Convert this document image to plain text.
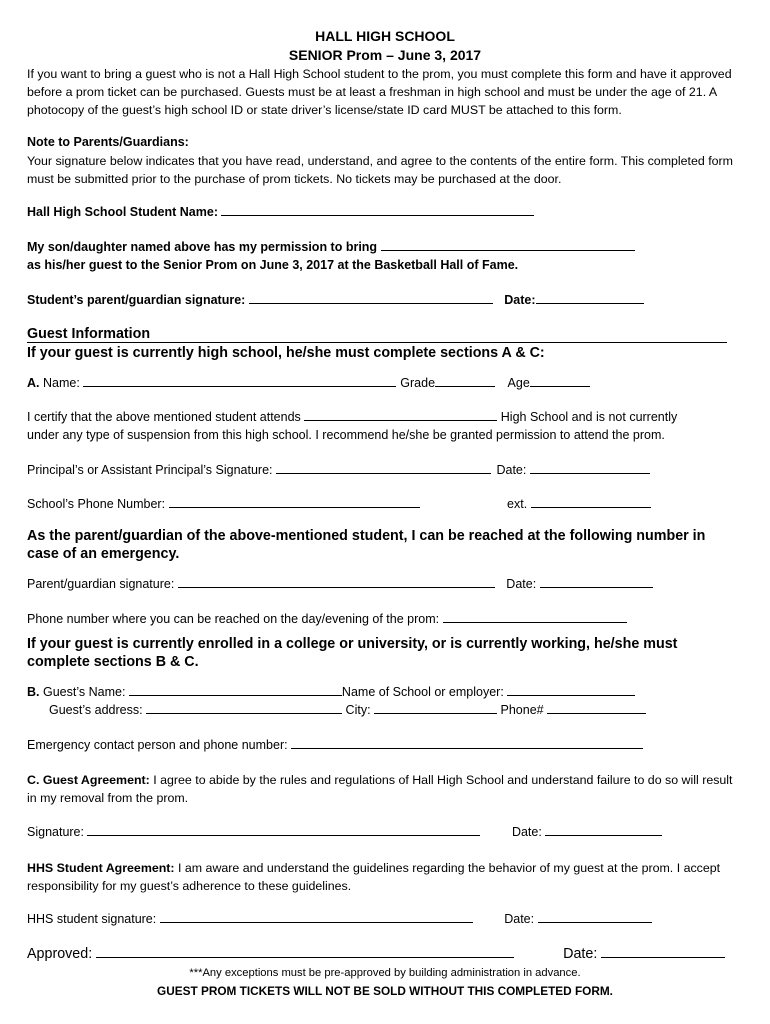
HALL HIGH SCHOOL
SENIOR Prom – June 3, 2017
If you want to bring a guest who is not a Hall High School student to the prom, you must complete this form and have it approved before a prom ticket can be purchased. Guests must be at least a freshman in high school and must be under the age of 21. A photocopy of the guest’s high school ID or state driver’s license/state ID card MUST be attached to this form.
Note to Parents/Guardians:
Your signature below indicates that you have read, understand, and agree to the contents of the entire form. This completed form must be submitted prior to the purchase of prom tickets. No tickets may be purchased at the door.
Hall High School Student Name:
My son/daughter named above has my permission to bring
as his/her guest to the Senior Prom on June 3, 2017 at the Basketball Hall of Fame.
Student’s parent/guardian signature:	Date:
Guest Information
If your guest is currently high school, he/she must complete sections A & C:
A. Name:	Grade	Age
I certify that the above mentioned student attends	High School and is not currently
under any type of suspension from this high school. I recommend he/she be granted permission to attend the prom.
Principal’s or Assistant Principal’s Signature:	Date:
School’s Phone Number:	ext.
As the parent/guardian of the above-mentioned student, I can be reached at the following number in case of an emergency.
Parent/guardian signature:	Date:
Phone number where you can be reached on the day/evening of the prom:
If your guest is currently enrolled in a college or university, or is currently working, he/she must complete sections B & C.
B. Guest’s Name:	Name of School or employer:
Guest’s address:	City:	Phone#
Emergency contact person and phone number:
C. Guest Agreement: I agree to abide by the rules and regulations of Hall High School and understand failure to do so will result in my removal from the prom.
Signature:	Date:
HHS Student Agreement: I am aware and understand the guidelines regarding the behavior of my guest at the prom. I accept responsibility for my guest’s adherence to these guidelines.
HHS student signature:	Date:
Approved:	Date:
***Any exceptions must be pre-approved by building administration in advance.
GUEST PROM TICKETS WILL NOT BE SOLD WITHOUT THIS COMPLETED FORM.
